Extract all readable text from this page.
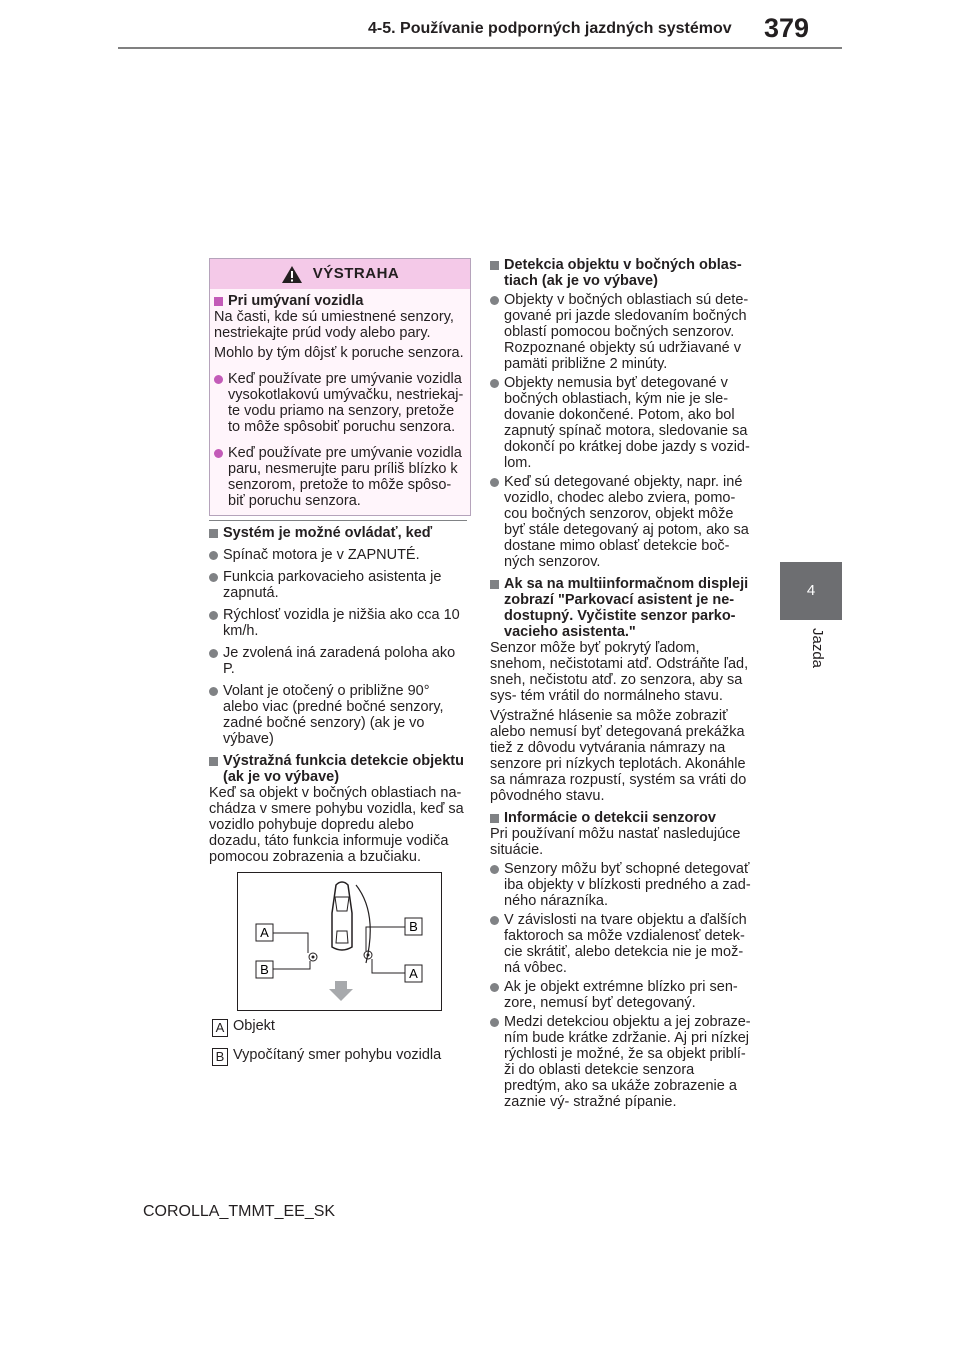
4-5. Používanie podporných jazdných systémov 379
4
Jazda
VÝSTRAHA

Pri umývaní vozidla

Na časti, kde sú umiestnené senzory, nestriekajte prúd vody alebo pary.

Mohlo by tým dôjsť k poruche senzora.

Keď používate pre umývanie vozidla vysokotlakovú umývačku, nestriekaj- te vodu priamo na senzory, pretože to môže spôsobiť poruchu senzora.

Keď používate pre umývanie vozidla paru, nesmerujte paru príliš blízko k senzorom, pretože to môže spôso- biť poruchu senzora.

Systém je možné ovládať, keď

Spínač motora je v ZAPNUTÉ.

Funkcia parkovacieho asistenta je zapnutá.

Rýchlosť vozidla je nižšia ako cca 10 km/h.

Je zvolená iná zaradená poloha ako P.

Volant je otočený o približne 90° alebo viac (predné bočné senzory, zadné bočné senzory) (ak je vo výbave)

Výstražná funkcia detekcie objektu (ak je vo výbave)

Keď sa objekt v bočných oblastiach na- chádza v smere pohybu vozidla, keď sa vozidlo pohybuje dopredu alebo dozadu, táto funkcia informuje vodiča pomocou zobrazenia a bzučiaku.

A
B
B
A

A Objekt

B Vypočítaný smer pohybu vozidla

Detekcia objektu v bočných oblas- tiach (ak je vo výbave)

Objekty v bočných oblastiach sú dete- gované pri jazde sledovaním bočných oblastí pomocou bočných senzorov. Rozpoznané objekty sú udržiavané v pamäti približne 2 minúty.

Objekty nemusia byť detegované v bočných oblastiach, kým nie je sle- dovanie dokončené. Potom, ako bol zapnutý spínač motora, sledovanie sa dokončí po krátkej dobe jazdy s vozid- lom.

Keď sú detegované objekty, napr. iné vozidlo, chodec alebo zviera, pomo- cou bočných senzorov, objekt môže byť stále detegovaný aj potom, ako sa dostane mimo oblasť detekcie boč- ných senzorov.

Ak sa na multiinformačnom displeji zobrazí "Parkovací asistent je ne- dostupný. Vyčistite senzor parko- vacieho asistenta."

Senzor môže byť pokrytý ľadom, snehom, nečistotami atď. Odstráňte ľad, sneh, nečistotu atď. zo senzora, aby sa sys- tém vrátil do normálneho stavu.

Výstražné hlásenie sa môže zobraziť alebo nemusí byť detegovaná prekážka tiež z dôvodu vytvárania námrazy na senzore pri nízkych teplotách. Akonáhle sa námraza rozpustí, systém sa vráti do pôvodného stavu.

Informácie o detekcii senzorov

Pri používaní môžu nastať nasledujúce situácie.

Senzory môžu byť schopné detegovať iba objekty v blízkosti predného a zad- ného nárazníka.

V závislosti na tvare objektu a ďalších faktoroch sa môže vzdialenosť detek- cie skrátiť, alebo detekcia nie je mož- ná vôbec.

Ak je objekt extrémne blízko pri sen- zore, nemusí byť detegovaný.

Medzi detekciou objektu a jej zobraze- ním bude krátke zdržanie. Aj pri nízkej rýchlosti je možné, že sa objekt priblí- ži do oblasti detekcie senzora predtým, ako sa ukáže zobrazenie a zaznie vý- stražné pípanie.

COROLLA_TMMT_EE_SK
